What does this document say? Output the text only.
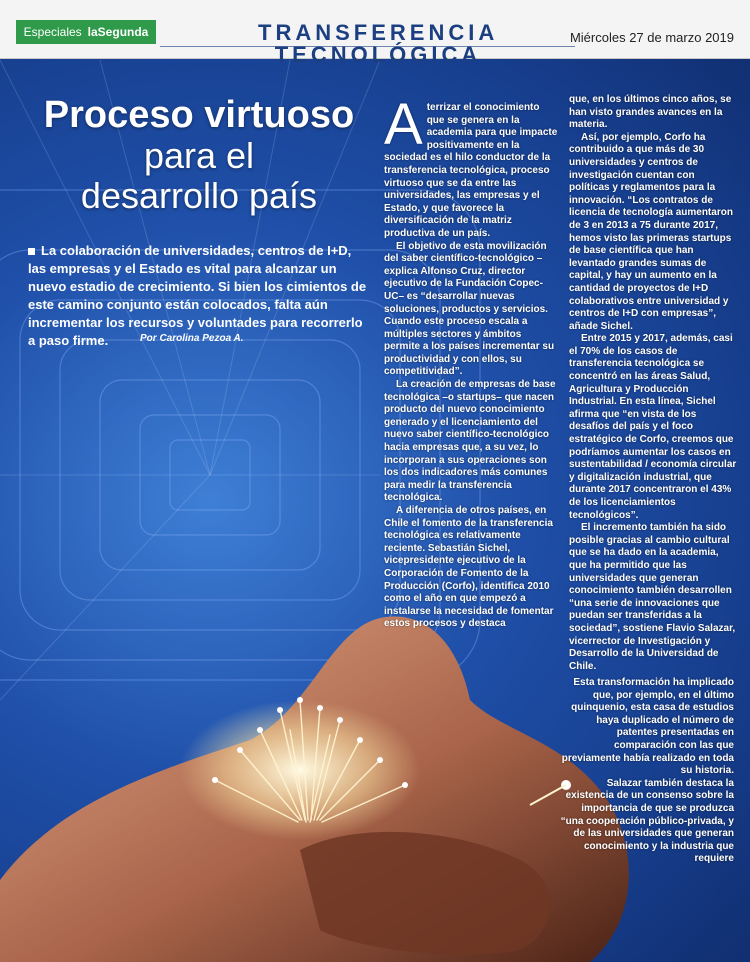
Especiales laSegunda	TRANSFERENCIA
TECNOLÓGICA
Miércoles 27 de marzo 2019
Proceso virtuoso
para el
desarrollo país
La colaboración de universidades, centros de I+D, las empresas y el Estado es vital para alcanzar un nuevo estadio de crecimiento. Si bien los cimientos de este camino conjunto están colocados, falta aún incrementar los recursos y voluntades para recorrerlo a paso firme.	Por Carolina Pezoa A.

Aterrizar el conocimiento que se genera en la academia para que impacte positivamente en la sociedad es el hilo conductor de la transferencia tecnológica, proceso virtuoso que se da entre las universidades, las empresas y el Estado, y que favorece la diversificación de la matriz productiva de un país.

El objetivo de esta movilización del saber científico-tecnológico –explica Alfonso Cruz, director ejecutivo de la Fundación Copec-UC– es “desarrollar nuevas soluciones, productos y servicios. Cuando este proceso escala a múltiples sectores y ámbitos permite a los países incrementar su productividad y con ellos, su competitividad”.

La creación de empresas de base tecnológica –o startups– que nacen producto del nuevo conocimiento generado y el licenciamiento del nuevo saber científico-tecnológico hacia empresas que, a su vez, lo incorporan a sus operaciones son los dos indicadores más comunes para medir la transferencia tecnológica.

A diferencia de otros países, en Chile el fomento de la transferencia tecnológica es relativamente reciente. Sebastián Sichel, vicepresidente ejecutivo de la Corporación de Fomento de la Producción (Corfo), identifica 2010 como el año en que empezó a instalarse la necesidad de fomentar estos procesos y destaca

que, en los últimos cinco años, se han visto grandes avances en la materia.

Así, por ejemplo, Corfo ha contribuido a que más de 30 universidades y centros de investigación cuentan con políticas y reglamentos para la innovación. “Los contratos de licencia de tecnología aumentaron de 3 en 2013 a 75 durante 2017, hemos visto las primeras startups de base científica que han levantado grandes sumas de capital, y hay un aumento en la cantidad de proyectos de I+D colaborativos entre universidad y centros de I+D con empresas”, añade Sichel.

Entre 2015 y 2017, además, casi el 70% de los casos de transferencia tecnológica se concentró en las áreas Salud, Agricultura y Producción Industrial. En esta línea, Sichel afirma que “en vista de los desafíos del país y el foco estratégico de Corfo, creemos que podríamos aumentar los casos en sustentabilidad / economía circular y digitalización industrial, que durante 2017 concentraron el 43% de los licenciamientos tecnológicos”.

El incremento también ha sido posible gracias al cambio cultural que se ha dado en la academia, que ha permitido que las universidades que generan conocimiento también desarrollen “una serie de innovaciones que puedan ser transferidas a la sociedad”, sostiene Flavio Salazar, vicerrector de Investigación y Desarrollo de la Universidad de Chile.

Esta transformación ha implicado que, por ejemplo, en el último quinquenio, esta casa de estudios haya duplicado el número de patentes presentadas en comparación con las que previamente había realizado en toda su historia.

Salazar también destaca la existencia de un consenso sobre la importancia de que se produzca “una cooperación público-privada, y de las universidades que generan conocimiento y la industria que requiere
